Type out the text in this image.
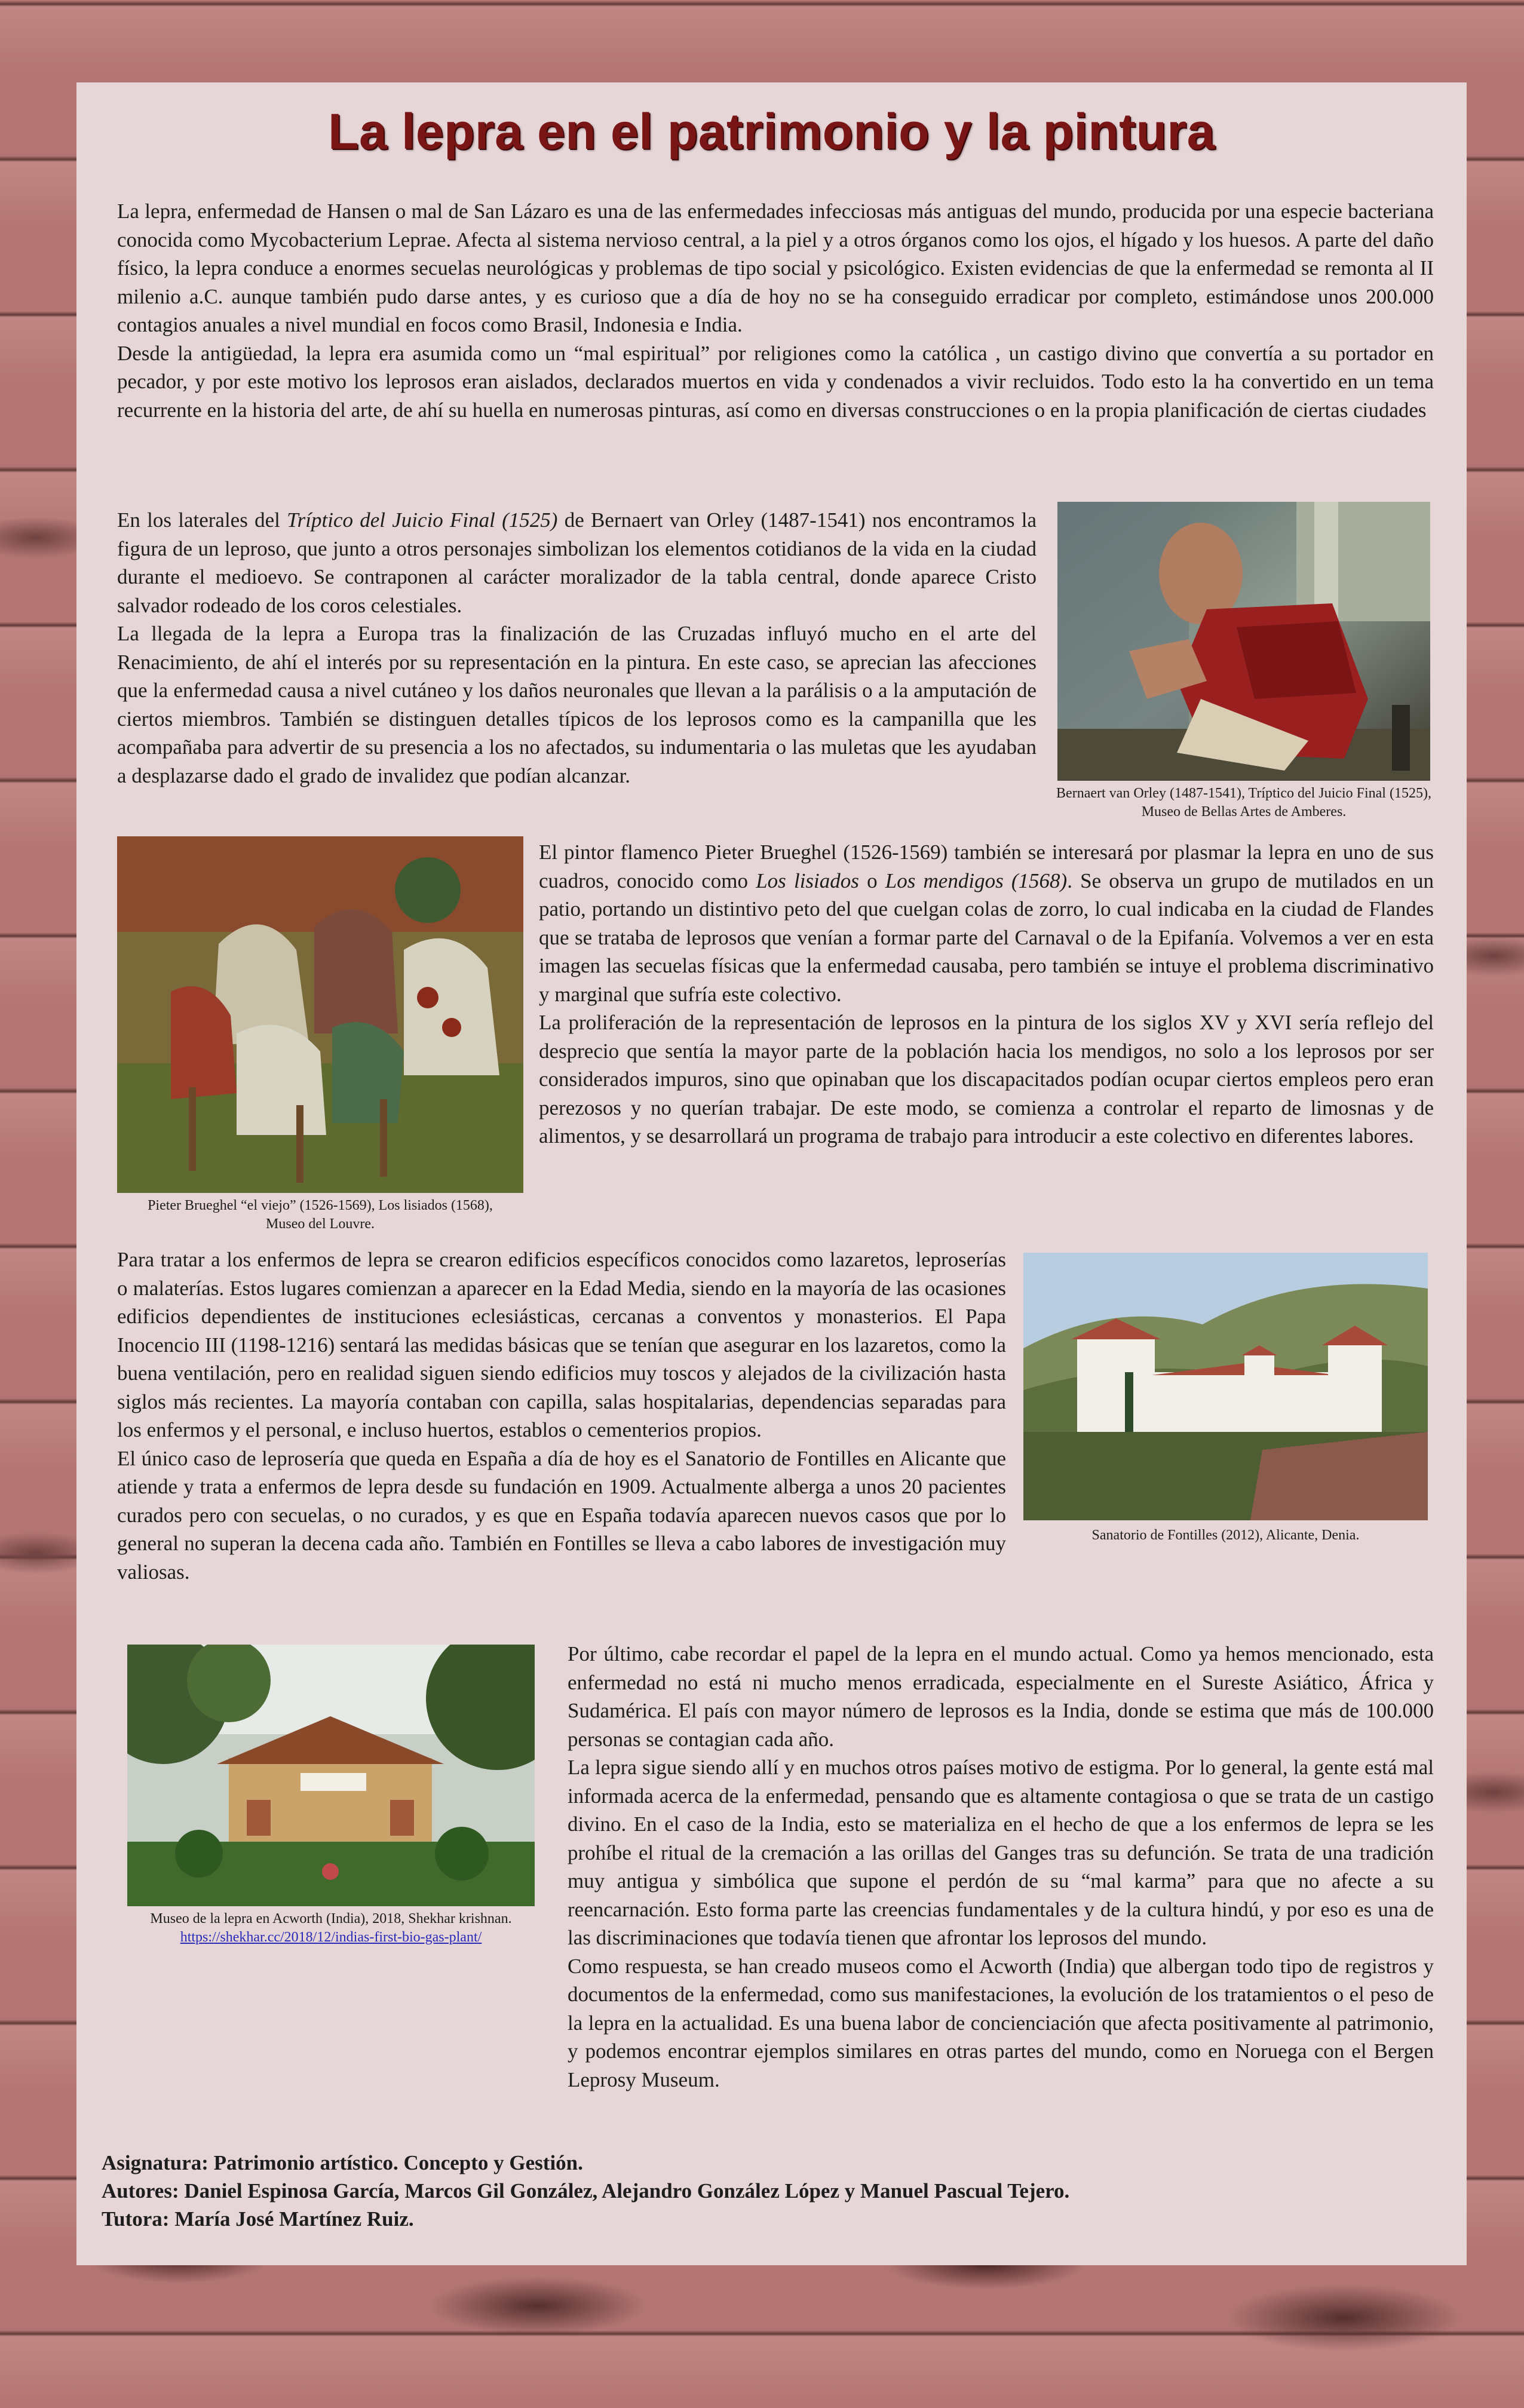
La lepra en el patrimonio y la pintura
La lepra, enfermedad de Hansen o mal de San Lázaro es una de las enfermedades infecciosas más antiguas del mundo, producida por una especie bacteriana conocida como Mycobacterium Leprae. Afecta al sistema nervioso central, a la piel y a otros órganos como los ojos, el hígado y los huesos. A parte del daño físico, la lepra conduce a enormes secuelas neurológicas y problemas de tipo social y psicológico. Existen evidencias de que la enfermedad se remonta al II milenio a.C. aunque también pudo darse antes, y es curioso que a día de hoy no se ha conseguido erradicar por completo, estimándose unos 200.000 contagios anuales a nivel mundial en focos como Brasil, Indonesia e India.
Desde la antigüedad, la lepra era asumida como un “mal espiritual” por religiones como la católica , un castigo divino que convertía a su portador en pecador, y por este motivo los leprosos eran aislados, declarados muertos en vida y condenados a vivir recluidos. Todo esto la ha convertido en un tema recurrente en la historia del arte, de ahí su huella en numerosas pinturas, así como en diversas construcciones o en la propia planificación de ciertas ciudades
En los laterales del Tríptico del Juicio Final (1525) de Bernaert van Orley (1487-1541) nos encontramos la figura de un leproso, que junto a otros personajes simbolizan los elementos cotidianos de la vida en la ciudad durante el medioevo. Se contraponen al carácter moralizador de la tabla central, donde aparece Cristo salvador rodeado de los coros celestiales.
La llegada de la lepra a Europa tras la finalización de las Cruzadas influyó mucho en el arte del Renacimiento, de ahí el interés por su representación en la pintura. En este caso, se aprecian las afecciones que la enfermedad causa a nivel cutáneo y los daños neuronales que llevan a la parálisis o a la amputación de ciertos miembros. También se distinguen detalles típicos de los leprosos como es la campanilla que les acompañaba para advertir de su presencia a los no afectados, su indumentaria o las muletas que les ayudaban a desplazarse dado el grado de invalidez que podían alcanzar.
Bernaert van Orley (1487-1541), Tríptico del Juicio Final (1525),
Museo de Bellas Artes de Amberes.
Pieter Brueghel “el viejo” (1526-1569), Los lisiados (1568),
Museo del Louvre.
El pintor flamenco Pieter Brueghel (1526-1569) también se interesará por plasmar la lepra en uno de sus cuadros, conocido como Los lisiados o Los mendigos (1568). Se observa un grupo de mutilados en un patio, portando un distintivo peto del que cuelgan colas de zorro, lo cual indicaba en la ciudad de Flandes que se trataba de leprosos que venían a formar parte del Carnaval o de la Epifanía. Volvemos a ver en esta imagen las secuelas físicas que la enfermedad causaba, pero también se intuye el problema discriminativo y marginal que sufría este colectivo.
La proliferación de la representación de leprosos en la pintura de los siglos XV y XVI sería reflejo del desprecio que sentía la mayor parte de la población hacia los mendigos, no solo a los leprosos por ser considerados impuros, sino que opinaban que los discapacitados podían ocupar ciertos empleos pero eran perezosos y no querían trabajar. De este modo, se comienza a controlar el reparto de limosnas y de alimentos, y se desarrollará un programa de trabajo para introducir a este colectivo en diferentes labores.
Para tratar a los enfermos de lepra se crearon edificios específicos conocidos como lazaretos, leproserías o malaterías. Estos lugares comienzan a aparecer en la Edad Media, siendo en la mayoría de las ocasiones edificios dependientes de instituciones eclesiásticas, cercanas a conventos y monasterios. El Papa Inocencio III (1198-1216) sentará las medidas básicas que se tenían que asegurar en los lazaretos, como la buena ventilación, pero en realidad siguen siendo edificios muy toscos y alejados de la civilización hasta siglos más recientes. La mayoría contaban con capilla, salas hospitalarias, dependencias separadas para los enfermos y el personal, e incluso huertos, establos o cementerios propios.
El único caso de leprosería que queda en España a día de hoy es el Sanatorio de Fontilles en Alicante que atiende y trata a enfermos de lepra desde su fundación en 1909. Actualmente alberga a unos 20 pacientes curados pero con secuelas, o no curados, y es que en España todavía aparecen nuevos casos que por lo general no superan la decena cada año. También en Fontilles se lleva a cabo labores de investigación muy valiosas.
Sanatorio de Fontilles (2012), Alicante, Denia.
Museo de la lepra en Acworth (India), 2018, Shekhar krishnan.
https://shekhar.cc/2018/12/indias-first-bio-gas-plant/
Por último, cabe recordar el papel de la lepra en el mundo actual. Como ya hemos mencionado, esta enfermedad no está ni mucho menos erradicada, especialmente en el Sureste Asiático, África y Sudamérica. El país con mayor número de leprosos es la India, donde se estima que más de 100.000 personas se contagian cada año.
La lepra sigue siendo allí y en muchos otros países motivo de estigma. Por lo general, la gente está mal informada acerca de la enfermedad, pensando que es altamente contagiosa o que se trata de un castigo divino. En el caso de la India, esto se materializa en el hecho de que a los enfermos de lepra se les prohíbe el ritual de la cremación a las orillas del Ganges tras su defunción. Se trata de una tradición muy antigua y simbólica que supone el perdón de su “mal karma” para que no afecte a su reencarnación. Esto forma parte las creencias fundamentales y de la cultura hindú, y por eso es una de las discriminaciones que todavía tienen que afrontar los leprosos del mundo.
Como respuesta, se han creado museos como el Acworth (India) que albergan todo tipo de registros y documentos de la enfermedad, como sus manifestaciones, la evolución de los tratamientos o el peso de la lepra en la actualidad. Es una buena labor de concienciación que afecta positivamente al patrimonio, y podemos encontrar ejemplos similares en otras partes del mundo, como en Noruega con el Bergen Leprosy Museum.
Asignatura: Patrimonio artístico. Concepto y Gestión.
Autores: Daniel Espinosa García, Marcos Gil González, Alejandro González López y Manuel Pascual Tejero.
Tutora: María José Martínez Ruiz.
